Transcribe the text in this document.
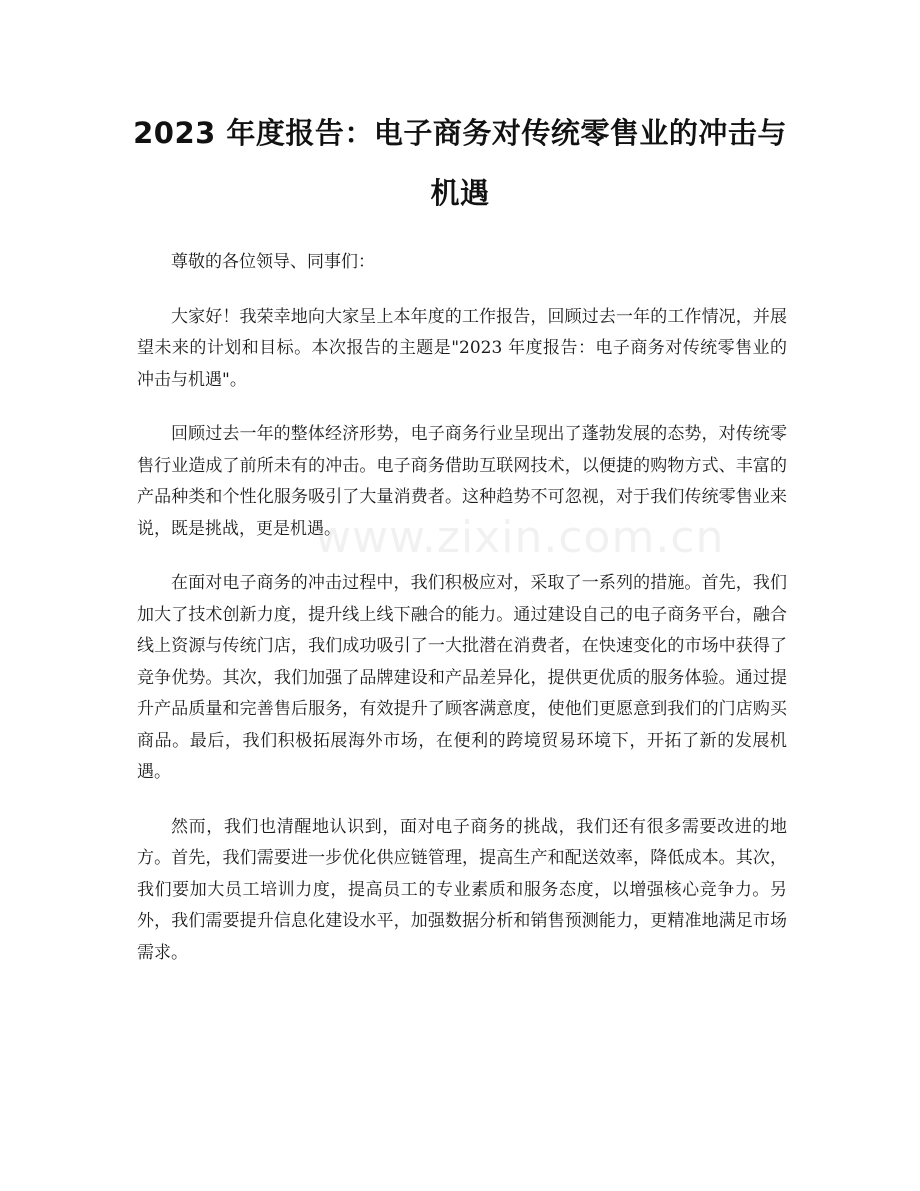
2023 年度报告：电子商务对传统零售业的冲击与机遇

尊敬的各位领导、同事们：

大家好！我荣幸地向大家呈上本年度的工作报告，回顾过去一年的工作情况，并展望未来的计划和目标。本次报告的主题是"2023 年度报告：电子商务对传统零售业的冲击与机遇"。

回顾过去一年的整体经济形势，电子商务行业呈现出了蓬勃发展的态势，对传统零售行业造成了前所未有的冲击。电子商务借助互联网技术，以便捷的购物方式、丰富的产品种类和个性化服务吸引了大量消费者。这种趋势不可忽视，对于我们传统零售业来说，既是挑战，更是机遇。

在面对电子商务的冲击过程中，我们积极应对，采取了一系列的措施。首先，我们加大了技术创新力度，提升线上线下融合的能力。通过建设自己的电子商务平台，融合线上资源与传统门店，我们成功吸引了一大批潜在消费者，在快速变化的市场中获得了竞争优势。其次，我们加强了品牌建设和产品差异化，提供更优质的服务体验。通过提升产品质量和完善售后服务，有效提升了顾客满意度，使他们更愿意到我们的门店购买商品。最后，我们积极拓展海外市场，在便利的跨境贸易环境下，开拓了新的发展机遇。

然而，我们也清醒地认识到，面对电子商务的挑战，我们还有很多需要改进的地方。首先，我们需要进一步优化供应链管理，提高生产和配送效率，降低成本。其次，我们要加大员工培训力度，提高员工的专业素质和服务态度，以增强核心竞争力。另外，我们需要提升信息化建设水平，加强数据分析和销售预测能力，更精准地满足市场需求。

www.zixin.com.cn
